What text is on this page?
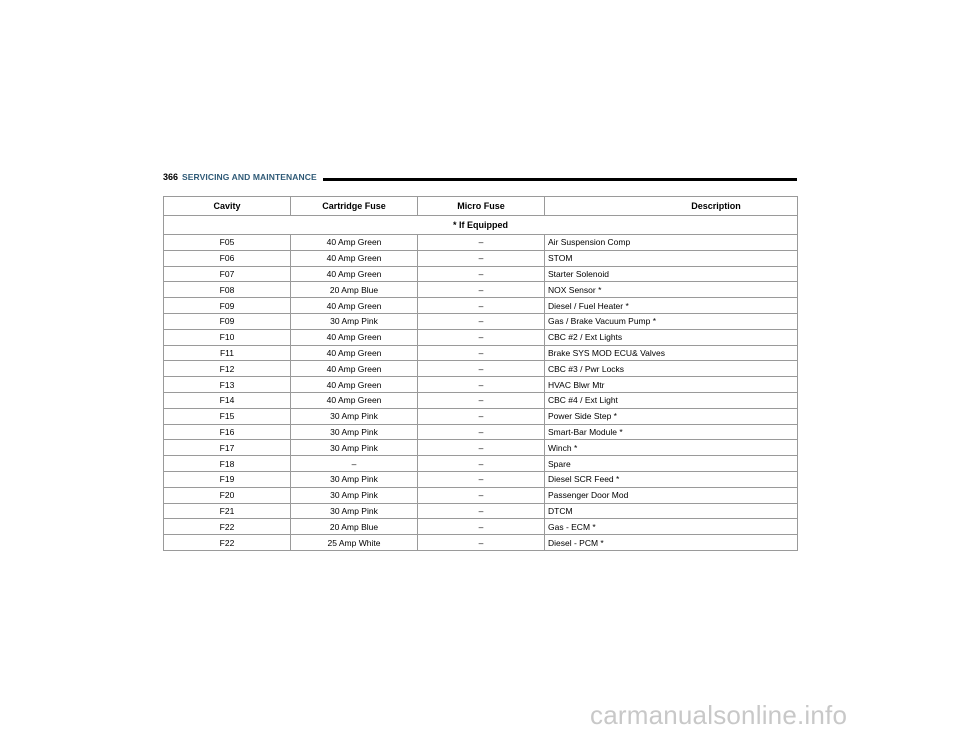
366 SERVICING AND MAINTENANCE
Cavity	Cartridge Fuse	Micro Fuse	Description
* If Equipped			
F05	40 Amp Green	–	Air Suspension Comp
F06	40 Amp Green	–	STOM
F07	40 Amp Green	–	Starter Solenoid
F08	20 Amp Blue	–	NOX Sensor *
F09	40 Amp Green	–	Diesel / Fuel Heater *
F09	30 Amp Pink	–	Gas / Brake Vacuum Pump *
F10	40 Amp Green	–	CBC #2 / Ext Lights
F11	40 Amp Green	–	Brake SYS MOD ECU& Valves
F12	40 Amp Green	–	CBC #3 / Pwr Locks
F13	40 Amp Green	–	HVAC Blwr Mtr
F14	40 Amp Green	–	CBC #4 / Ext Light
F15	30 Amp Pink	–	Power Side Step *
F16	30 Amp Pink	–	Smart-Bar Module *
F17	30 Amp Pink	–	Winch *
F18	–	–	Spare
F19	30 Amp Pink	–	Diesel SCR Feed *
F20	30 Amp Pink	–	Passenger Door Mod
F21	30 Amp Pink	–	DTCM
F22	20 Amp Blue	–	Gas - ECM *
F22	25 Amp White	–	Diesel - PCM *
carmanualsonline.info
